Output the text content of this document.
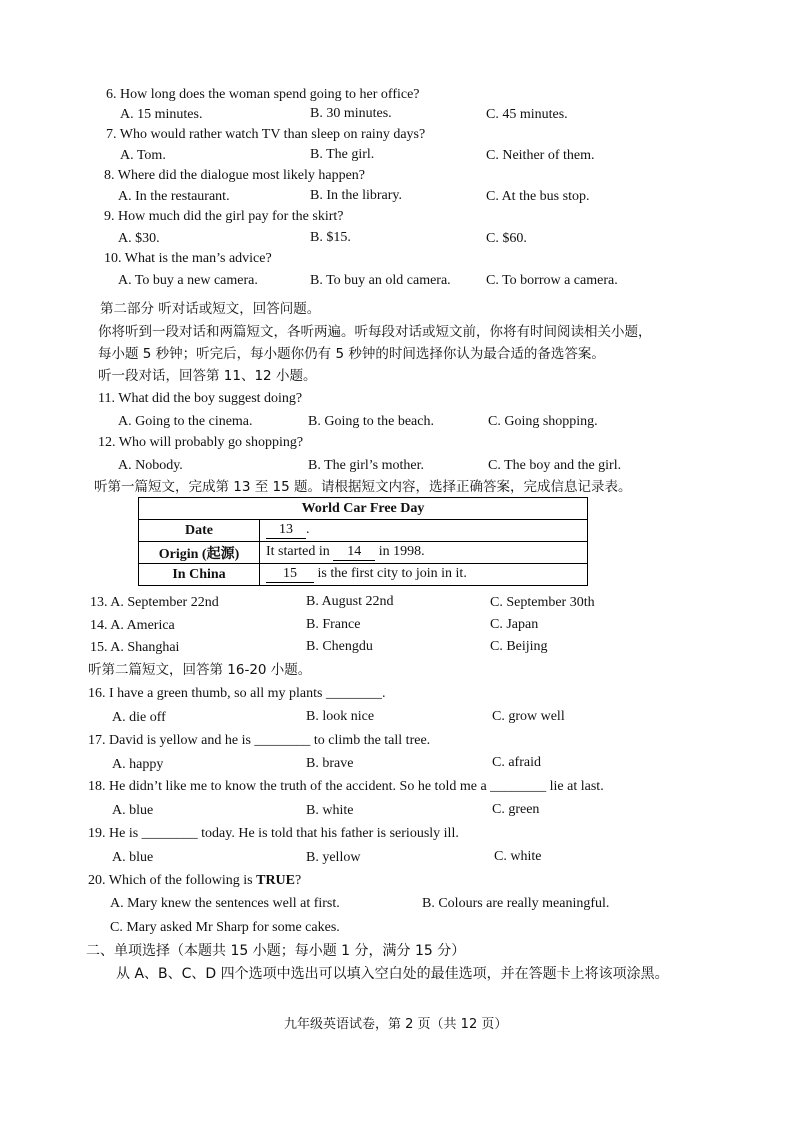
6. How long does the woman spend going to her office?
A. 15 minutes.	B. 30 minutes.	C. 45 minutes.
7. Who would rather watch TV than sleep on rainy days?
A. Tom.	B. The girl.	C. Neither of them.
8. Where did the dialogue most likely happen?
A. In the restaurant.	B. In the library.	C. At the bus stop.
9. How much did the girl pay for the skirt?
A. $30.	B. $15.	C. $60.
10. What is the man’s advice?
A. To buy a new camera.	B. To buy an old camera.	C. To borrow a camera.
第二部分 听对话或短文，回答问题。
你将听到一段对话和两篇短文，各听两遍。听每段对话或短文前，你将有时间阅读相关小题，
每小题 5 秒钟；听完后，每小题你仍有 5 秒钟的时间选择你认为最合适的备选答案。
听一段对话，回答第 11、12 小题。
11. What did the boy suggest doing?
A. Going to the cinema.	B. Going to the beach.	C. Going shopping.
12. Who will probably go shopping?
A. Nobody.	B. The girl’s mother.	C. The boy and the girl.
听第一篇短文，完成第 13 至 15 题。请根据短文内容，选择正确答案，完成信息记录表。
World Car Free Day	
Date	13 .
Origin (起源)	It started in 14 in 1998.
In China	15 is the first city to join in it.
13. A. September 22nd	B. August 22nd	C. September 30th
14. A. America	B. France	C. Japan
15. A. Shanghai	B. Chengdu	C. Beijing
听第二篇短文，回答第 16-20 小题。
16. I have a green thumb, so all my plants ________.
A. die off	B. look nice	C. grow well
17. David is yellow and he is ________ to climb the tall tree.
A. happy	B. brave	C. afraid
18. He didn’t like me to know the truth of the accident. So he told me a ________ lie at last.
A. blue	B. white	C. green
19. He is ________ today. He is told that his father is seriously ill.
A. blue	B. yellow	C. white
20. Which of the following is TRUE?
A. Mary knew the sentences well at first.	B. Colours are really meaningful.
C. Mary asked Mr Sharp for some cakes.
二、单项选择（本题共 15 小题；每小题 1 分，满分 15 分）
从 A、B、C、D 四个选项中选出可以填入空白处的最佳选项，并在答题卡上将该项涂黑。
九年级英语试卷，第 2 页（共 12 页）
